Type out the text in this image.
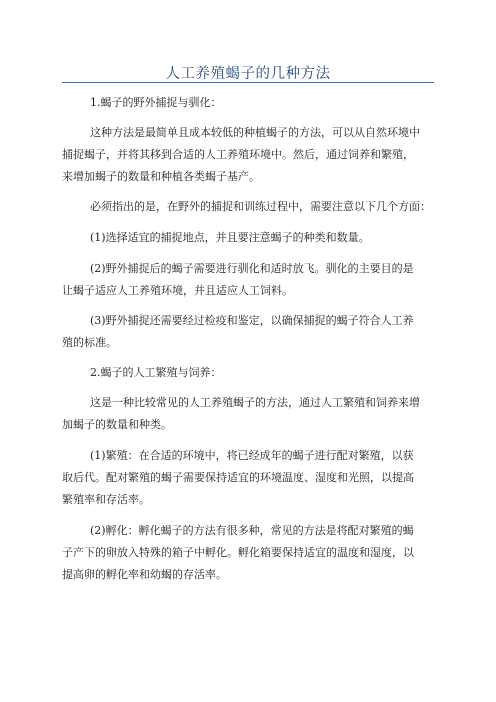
人工养殖蝎子的几种方法
1.蝎子的野外捕捉与驯化：
这种方法是最简单且成本较低的种植蝎子的方法，可以从自然环境中
捕捉蝎子，并将其移到合适的人工养殖环境中。然后，通过饲养和繁殖，
来增加蝎子的数量和种植各类蝎子基产。
必须指出的是，在野外的捕捉和训练过程中，需要注意以下几个方面：
(1)选择适宜的捕捉地点，并且要注意蝎子的种类和数量。
(2)野外捕捉后的蝎子需要进行驯化和适时放飞。驯化的主要目的是
让蝎子适应人工养殖环境，并且适应人工饲料。
(3)野外捕捉还需要经过检疫和鉴定，以确保捕捉的蝎子符合人工养
殖的标准。
2.蝎子的人工繁殖与饲养：
这是一种比较常见的人工养殖蝎子的方法，通过人工繁殖和饲养来增
加蝎子的数量和种类。
(1)繁殖：在合适的环境中，将已经成年的蝎子进行配对繁殖，以获
取后代。配对繁殖的蝎子需要保持适宜的环境温度、湿度和光照，以提高
繁殖率和存活率。
(2)孵化：孵化蝎子的方法有很多种，常见的方法是将配对繁殖的蝎
子产下的卵放入特殊的箱子中孵化。孵化箱要保持适宜的温度和湿度，以
提高卵的孵化率和幼蝎的存活率。
